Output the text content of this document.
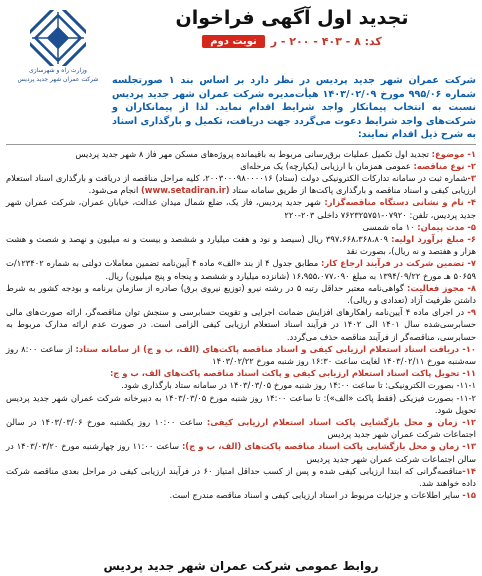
وزارت راه و شهرسازی
شرکت عمران شهر جدید پردیس
تجدید اول آگهی فراخوان
کد: ۸ - ۴۰۳ - ۲۰۰ - ر
نوبت دوم

شرکت عمران شهر جدید پردیس در نظر دارد بر اساس بند ۱ صورتجلسه شماره ۹۹۵/۰۶ مورخ ۱۴۰۳/۰۲/۰۹ هیأت‌مدیره شرکت عمران شهر جدید پردیس نسبت به انتخاب پیمانکار واجد شرایط اقدام نماید. لذا از پیمانکاران و شرکت‌های واجد شرایط دعوت می‌گردد جهت دریافت، تکمیل و بارگذاری اسناد به شرح ذیل اقدام نمایند:

۱- موضوع: تجدید اول تکمیل عملیات برق‌رسانی مربوط به باقیمانده پروژه‌های مسکن مهر فاز ۸ شهر جدید پردیس

۲- نوع مناقصه: عمومی همزمان با ارزیابی (یکپارچه) یک مرحله‌ای

۳-شماره ثبت در سامانه تدارکات الکترونیکی دولت (ستاد) ۲۰۰۳۰۰۰۹۸۰۰۰۰۱۶، کلیه مراحل مناقصه از دریافت و بارگذاری اسناد استعلام ارزیابی کیفی و اسناد مناقصه و بارگذاری پاکت‌ها از طریق سامانه ستاد (www.setadiran.ir) انجام می‌شود.

۴- نام و نشانی دستگاه مناقصه‌گزار: شهر جدید پردیس، فاز یک، ضلع شمال میدان عدالت، خیابان عمران، شرکت عمران شهر جدید پردیس، تلفن: ۰۷۹۲۰-۷۶۲۳۲۵۷۵۱ داخلی ۲۰۳-۲۲۰

۵- مدت پیمان: ۱۰ ماه شمسی

۶- مبلغ برآورد اولیه: ۳۹۷،۶۶۸،۳۶۸،۸۰۹ ریال (سیصد و نود و هفت میلیارد و ششصد و بیست و نه میلیون و نهصد و شصت و هشت هزار و هفتصد و نه ریال)، بصورت نقد

۷- تضمین شرکت در فرآیند ارجاع کار: مطابق جدول ۴ از بند «الف» ماده ۴ آیین‌نامه تضمین معاملات دولتی به شماره ۱۲۳۴۰۲/ت ۵۰۶۵۹ هـ مورخ ۱۳۹۴/۰۹/۲۲ به مبلغ ۱۶،۹۵۵،۰۷۷،۰۹۰ (شانزده میلیارد و ششصد و پنجاه و پنج میلیون) ریال.

۸- مجوز فعالیت: گواهی‌نامه معتبر حداقل رتبه ۵ در رشته نیرو (توزیع نیروی برق) صادره از سازمان برنامه و بودجه کشور به شرط داشتن ظرفیت آزاد (تعدادی و ریالی).

۹- در اجرای ماده ۴ آیین‌نامه راهکارهای افزایش ضمانت اجرایی و تقویت حسابرسی و سنجش توان مناقصه‌گر، ارائه صورت‌های مالی حسابرسی‌شده سال ۱۴۰۱ الی ۱۴۰۲ در فرآیند اسناد استعلام ارزیابی کیفی الزامی است. در صورت عدم ارائه مدارک مربوط به حسابرسی، مناقصه‌گر از فرآیند مناقصه حذف می‌گردد.

۱۰- دریافت اسناد استعلام ارزیابی کیفی و اسناد مناقصه پاکت‌های (الف، ب و ج) از سامانه ستاد: از ساعت ۸:۰۰ روز سه‌شنبه مورخ ۱۴۰۳/۰۲/۱۱ لغایت ساعت ۱۶:۳۰ روز شنبه مورخ ۱۴۰۳/۰۲/۲۲

۱۱- تحویل پاکت اسناد استعلام ارزیابی کیفی و پاکت اسناد مناقصه پاکت‌های الف، ب و ج:

۱۱-۱- بصورت الکترونیکی: تا ساعت ۱۴:۰۰ روز شنبه مورخ ۱۴۰۳/۰۳/۰۵ در سامانه ستاد بارگذاری شود.

۱۱-۲- بصورت فیزیکی (فقط پاکت «الف»): تا ساعت ۱۴:۰۰ روز شنبه مورخ ۱۴۰۳/۰۳/۰۵ به دبیرخانه شرکت عمران شهر جدید پردیس تحویل شود.

۱۲- زمان و محل بازگشایی پاکت اسناد استعلام ارزیابی کیفی: ساعت ۱۰:۰۰ روز یکشنبه مورخ ۱۴۰۳/۰۳/۰۶ در سالن اجتماعات شرکت عمران شهر جدید پردیس

۱۳- زمان و محل بازگشایی پاکت اسناد مناقصه پاکت‌های (الف، ب و ج): ساعت ۱۱:۰۰ روز چهارشنبه مورخ ۱۴۰۳/۰۳/۲۰ در سالن اجتماعات شرکت عمران شهر جدید پردیس

۱۴-مناقصه‌گرانی که ابتدا ارزیابی کیفی شده و پس از کسب حداقل امتیاز ۶۰ در فرآیند ارزیابی کیفی در مراحل بعدی مناقصه شرکت داده خواهند شد.

۱۵- سایر اطلاعات و جزئیات مربوط در اسناد ارزیابی کیفی و اسناد مناقصه مندرج است.

روابط عمومی شرکت عمران شهر جدید پردیس
